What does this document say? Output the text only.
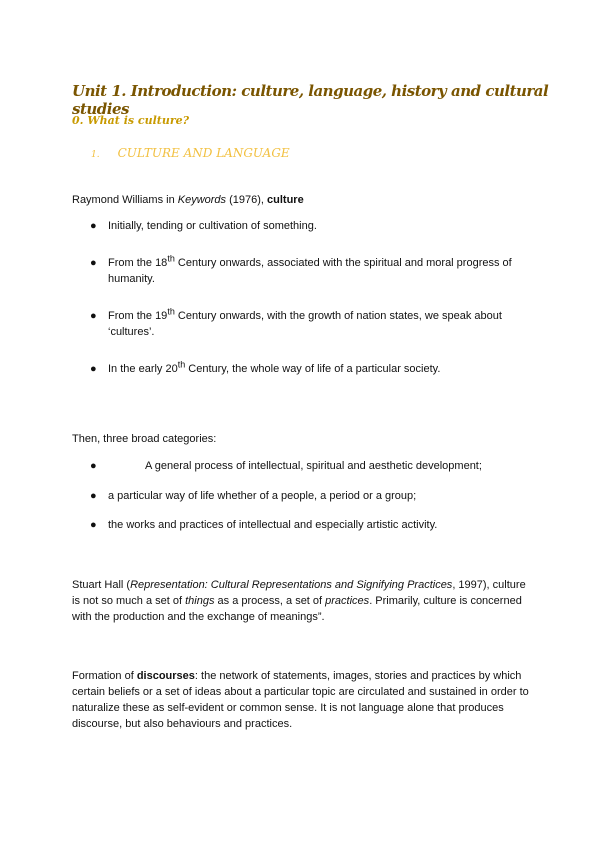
Unit 1. Introduction: culture, language, history and cultural studies
0. What is culture?
1. CULTURE AND LANGUAGE
Raymond Williams in Keywords (1976), culture
● Initially, tending or cultivation of something.
● From the 18th Century onwards, associated with the spiritual and moral progress of humanity.
● From the 19th Century onwards, with the growth of nation states, we speak about ‘cultures’.
● In the early 20th Century, the whole way of life of a particular society.
Then, three broad categories:
●	A general process of intellectual, spiritual and aesthetic development;
● a particular way of life whether of a people, a period or a group;
● the works and practices of intellectual and especially artistic activity.
Stuart Hall (Representation: Cultural Representations and Signifying Practices, 1997), culture is not so much a set of things as a process, a set of practices. Primarily, culture is concerned with the production and the exchange of meanings”.
Formation of discourses: the network of statements, images, stories and practices by which certain beliefs or a set of ideas about a particular topic are circulated and sustained in order to naturalize these as self-evident or common sense. It is not language alone that produces discourse, but also behaviours and practices.
